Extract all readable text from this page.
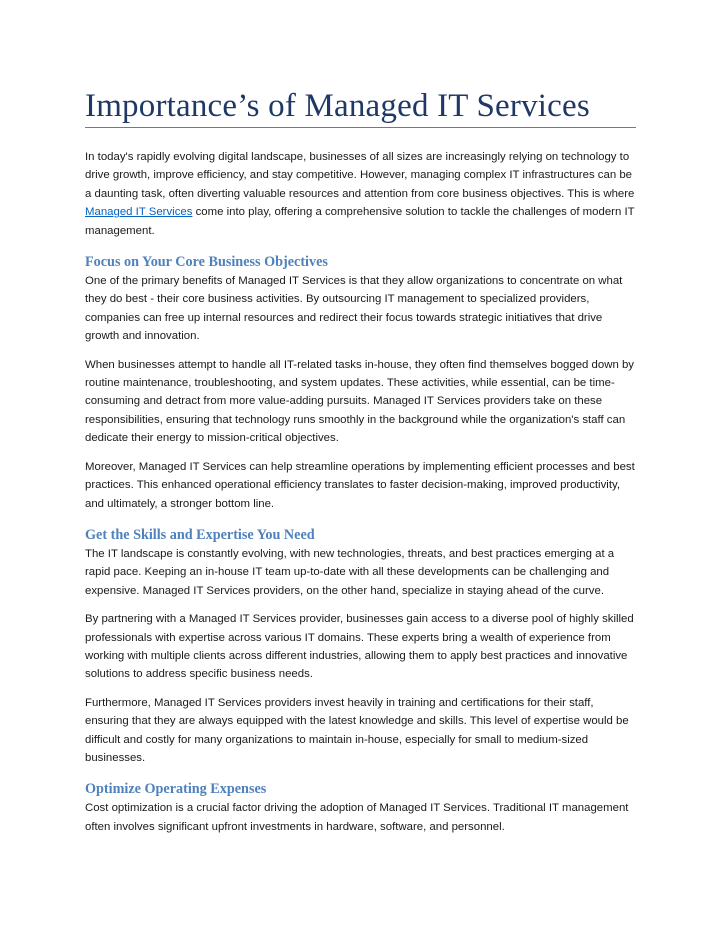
Importance’s of Managed IT Services

In today's rapidly evolving digital landscape, businesses of all sizes are increasingly relying on technology to drive growth, improve efficiency, and stay competitive. However, managing complex IT infrastructures can be a daunting task, often diverting valuable resources and attention from core business objectives. This is where Managed IT Services come into play, offering a comprehensive solution to tackle the challenges of modern IT management.

Focus on Your Core Business Objectives

One of the primary benefits of Managed IT Services is that they allow organizations to concentrate on what they do best - their core business activities. By outsourcing IT management to specialized providers, companies can free up internal resources and redirect their focus towards strategic initiatives that drive growth and innovation.

When businesses attempt to handle all IT-related tasks in-house, they often find themselves bogged down by routine maintenance, troubleshooting, and system updates. These activities, while essential, can be time-consuming and detract from more value-adding pursuits. Managed IT Services providers take on these responsibilities, ensuring that technology runs smoothly in the background while the organization's staff can dedicate their energy to mission-critical objectives.

Moreover, Managed IT Services can help streamline operations by implementing efficient processes and best practices. This enhanced operational efficiency translates to faster decision-making, improved productivity, and ultimately, a stronger bottom line.

Get the Skills and Expertise You Need

The IT landscape is constantly evolving, with new technologies, threats, and best practices emerging at a rapid pace. Keeping an in-house IT team up-to-date with all these developments can be challenging and expensive. Managed IT Services providers, on the other hand, specialize in staying ahead of the curve.

By partnering with a Managed IT Services provider, businesses gain access to a diverse pool of highly skilled professionals with expertise across various IT domains. These experts bring a wealth of experience from working with multiple clients across different industries, allowing them to apply best practices and innovative solutions to address specific business needs.

Furthermore, Managed IT Services providers invest heavily in training and certifications for their staff, ensuring that they are always equipped with the latest knowledge and skills. This level of expertise would be difficult and costly for many organizations to maintain in-house, especially for small to medium-sized businesses.

Optimize Operating Expenses

Cost optimization is a crucial factor driving the adoption of Managed IT Services. Traditional IT management often involves significant upfront investments in hardware, software, and personnel.
